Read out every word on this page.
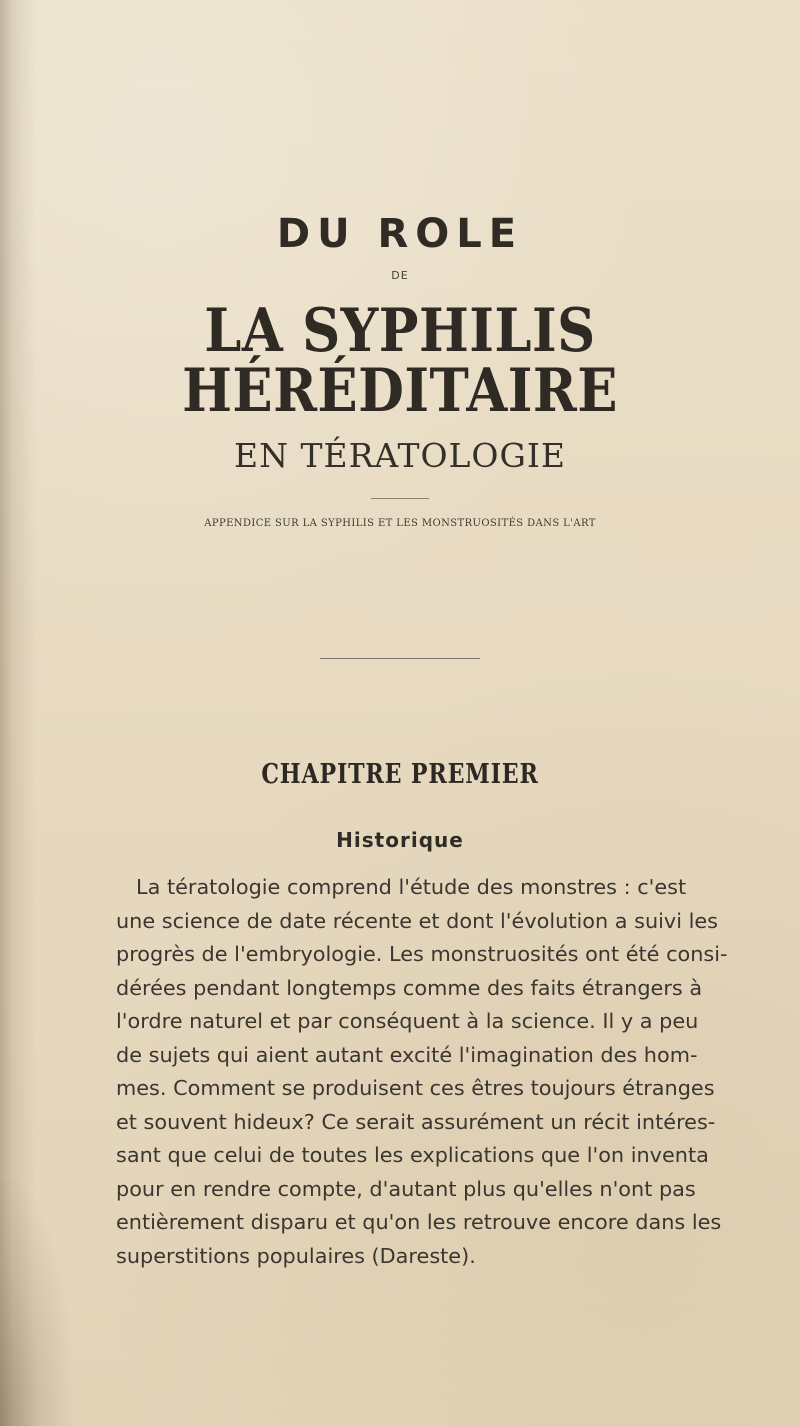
DU ROLE
DE
LA SYPHILIS HÉRÉDITAIRE
EN TÉRATOLOGIE
APPENDICE SUR LA SYPHILIS ET LES MONSTRUOSITÉS DANS L'ART
CHAPITRE PREMIER
Historique
La tératologie comprend l'étude des monstres : c'est
une science de date récente et dont l'évolution a suivi les
progrès de l'embryologie. Les monstruosités ont été consi-
dérées pendant longtemps comme des faits étrangers à
l'ordre naturel et par conséquent à la science. Il y a peu
de sujets qui aient autant excité l'imagination des hom-
mes. Comment se produisent ces êtres toujours étranges
et souvent hideux? Ce serait assurément un récit intéres-
sant que celui de toutes les explications que l'on inventa
pour en rendre compte, d'autant plus qu'elles n'ont pas
entièrement disparu et qu'on les retrouve encore dans les
superstitions populaires (Dareste).
